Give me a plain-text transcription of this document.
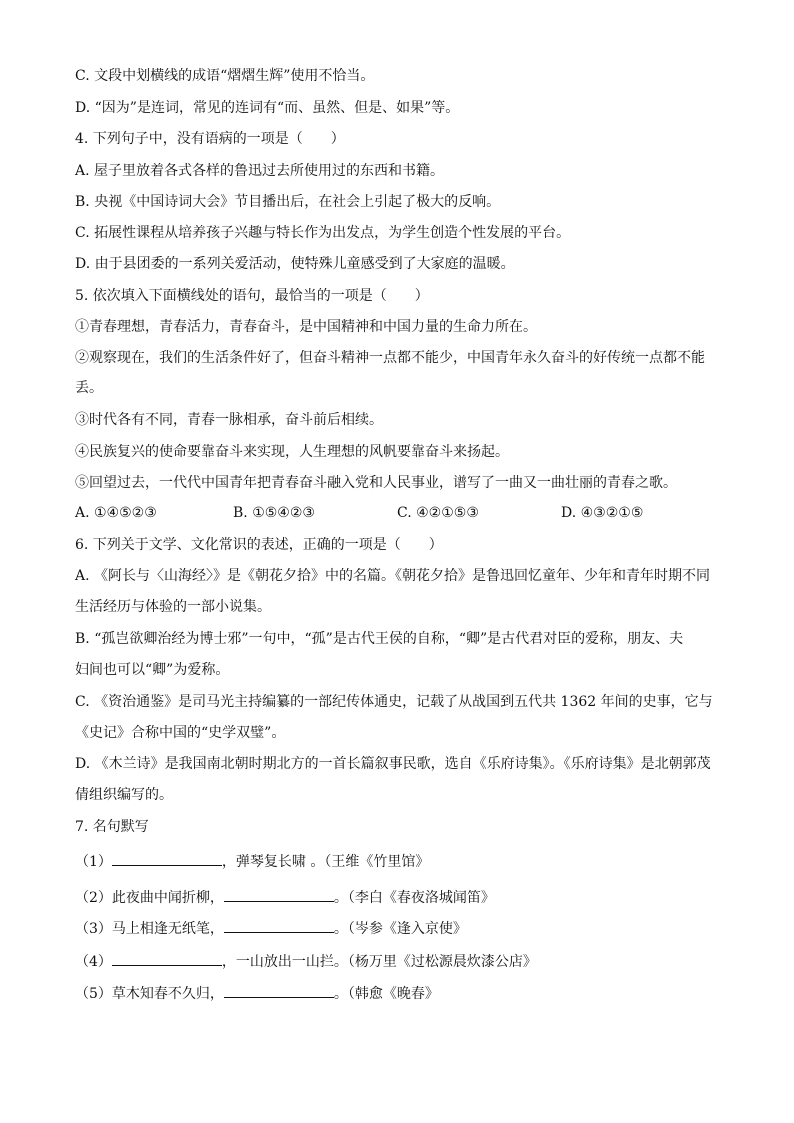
C. 文段中划横线的成语“熠熠生辉”使用不恰当。
D. “因为”是连词，常见的连词有“而、虽然、但是、如果”等。
4. 下列句子中，没有语病的一项是（　　）
A. 屋子里放着各式各样的鲁迅过去所使用过的东西和书籍。
B. 央视《中国诗词大会》节目播出后，在社会上引起了极大的反响。
C. 拓展性课程从培养孩子兴趣与特长作为出发点，为学生创造个性发展的平台。
D. 由于县团委的一系列关爱活动，使特殊儿童感受到了大家庭的温暖。
5. 依次填入下面横线处的语句，最恰当的一项是（　　）
①青春理想，青春活力，青春奋斗，是中国精神和中国力量的生命力所在。
②观察现在，我们的生活条件好了，但奋斗精神一点都不能少，中国青年永久奋斗的好传统一点都不能
丢。
③时代各有不同，青春一脉相承，奋斗前后相续。
④民族复兴的使命要靠奋斗来实现，人生理想的风帆要靠奋斗来扬起。
⑤回望过去，一代代中国青年把青春奋斗融入党和人民事业，谱写了一曲又一曲壮丽的青春之歌。
A. ①④⑤②③	B. ①⑤④②③	C. ④②①⑤③	D. ④③②①⑤
6. 下列关于文学、文化常识的表述，正确的一项是（　　）
A. 《阿长与〈山海经〉》是《朝花夕拾》中的名篇。《朝花夕拾》是鲁迅回忆童年、少年和青年时期不同
生活经历与体验的一部小说集。
B. “孤岂欲卿治经为博士邪”一句中，“孤”是古代王侯的自称，“卿”是古代君对臣的爱称，朋友、夫
妇间也可以“卿”为爱称。
C. 《资治通鉴》是司马光主持编纂的一部纪传体通史，记载了从战国到五代共 1362 年间的史事，它与
《史记》合称中国的“史学双璧”。
D. 《木兰诗》是我国南北朝时期北方的一首长篇叙事民歌，选自《乐府诗集》。《乐府诗集》是北朝郭茂
倩组织编写的。
7. 名句默写
（1）	，弹琴复长啸 。（王维《竹里馆》
（2）此夜曲中闻折柳，	。（李白《春夜洛城闻笛》
（3）马上相逢无纸笔，	。（岑参《逢入京使》
（4）	，一山放出一山拦。（杨万里《过松源晨炊漆公店》
（5）草木知春不久归，	。（韩愈《晚春》
